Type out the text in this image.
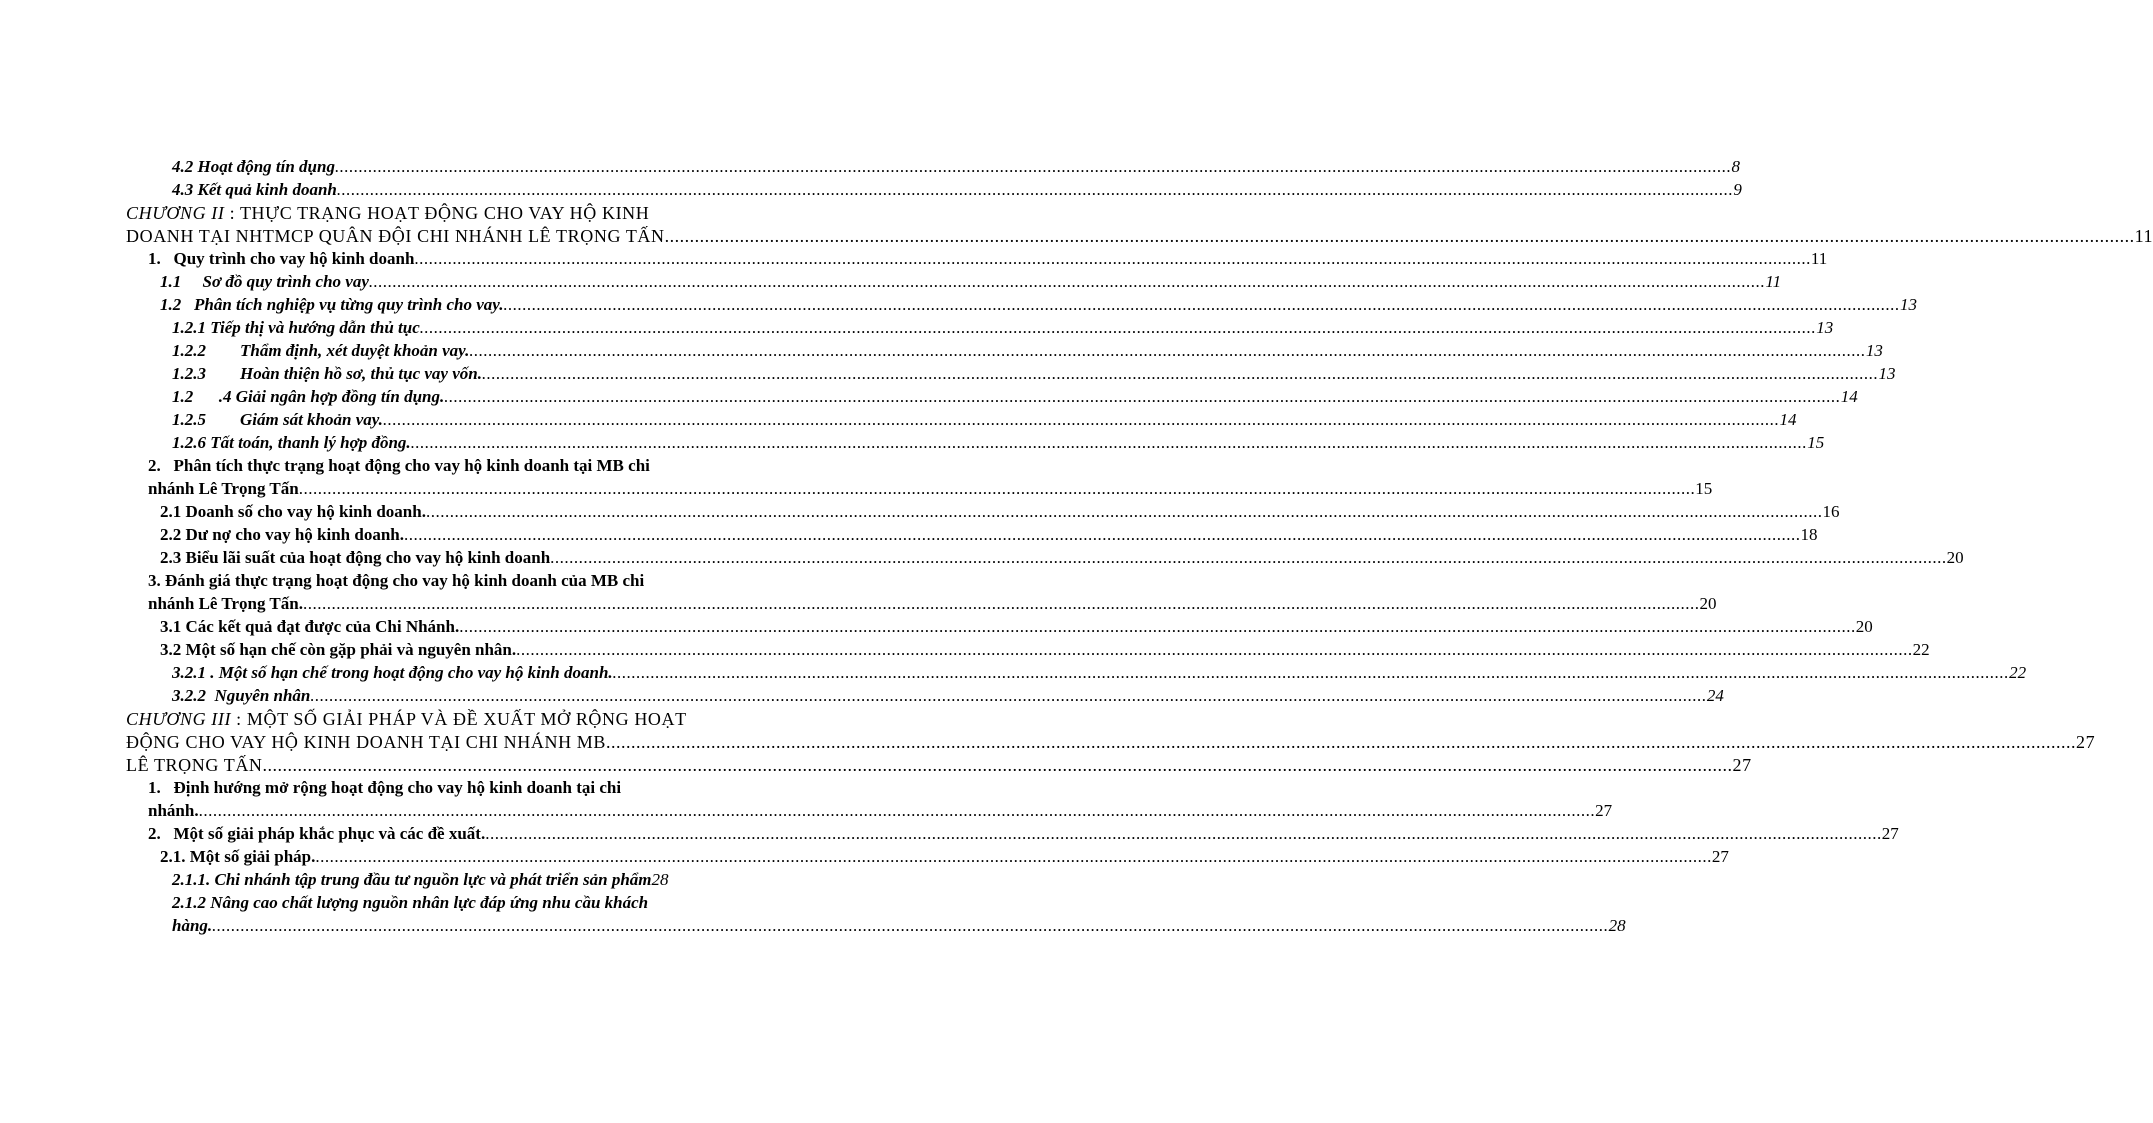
4.2 Hoạt động tín dụng .....	8
4.3 Kết quả kinh doanh .....	9
CHƯƠNG II : THỰC TRẠNG HOẠT ĐỘNG CHO VAY HỘ KINH
DOANH TẠI NHTMCP QUÂN ĐỘI CHI NHÁNH LÊ TRỌNG TẤN .....	11
1.   Quy trình cho vay hộ kinh doanh .....	11
1.1     Sơ đồ quy trình cho vay .....	11
1.2   Phân tích nghiệp vụ từng quy trình cho vay. .....	13
1.2.1 Tiếp thị và hướng dẫn thủ tục .....	13
1.2.2        Thẩm định, xét duyệt khoản vay. .....	13
1.2.3        Hoàn thiện hồ sơ, thủ tục vay vốn. .....	13
1.2      .4 Giải ngân hợp đồng tín dụng. .....	14
1.2.5        Giám sát khoản vay. .....	14
1.2.6 Tất toán, thanh lý hợp đồng. .....	15
2.   Phân tích thực trạng hoạt động cho vay hộ kinh doanh tại MB chi
nhánh Lê Trọng Tấn .....	15
2.1 Doanh số cho vay hộ kinh doanh. .....	16
2.2 Dư nợ cho vay hộ kinh doanh. .....	18
2.3 Biểu lãi suất của hoạt động cho vay hộ kinh doanh .....	20
3. Đánh giá thực trạng hoạt động cho vay hộ kinh doanh của MB chi
nhánh Lê Trọng Tấn. .....	20
3.1 Các kết quả đạt được của Chi Nhánh. .....	20
3.2 Một số hạn chế còn gặp phải và nguyên nhân. .....	22
3.2.1 . Một số hạn chế trong hoạt động cho vay hộ kinh doanh. .....	22
3.2.2  Nguyên nhân .....	24
CHƯƠNG III : MỘT SỐ GIẢI PHÁP VÀ ĐỀ XUẤT MỞ RỘNG HOẠT
ĐỘNG CHO VAY HỘ KINH DOANH TẠI CHI NHÁNH MB .....	27
LÊ TRỌNG TẤN .....	27
1.   Định hướng mở rộng hoạt động cho vay hộ kinh doanh tại chi
nhánh. .....	27
2.   Một số giải pháp khắc phục và các đề xuất. .....	27
2.1. Một số giải pháp. .....	27
2.1.1. Chi nhánh tập trung đầu tư nguồn lực và phát triển sản phẩm 28
2.1.2 Nâng cao chất lượng nguồn nhân lực đáp ứng nhu cầu khách
hàng. .....	28
